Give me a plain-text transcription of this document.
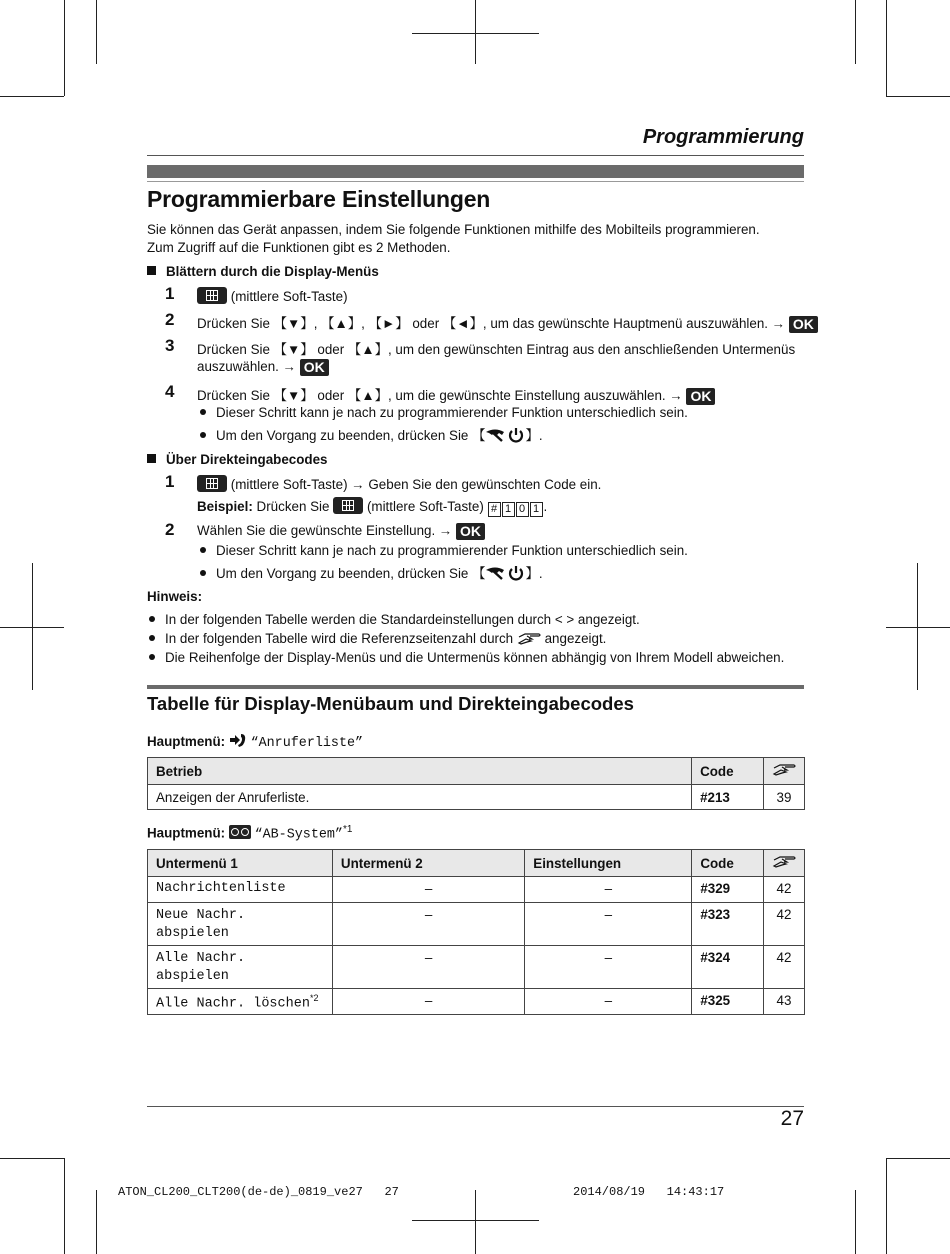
Programmierung
Programmierbare Einstellungen
Sie können das Gerät anpassen, indem Sie folgende Funktionen mithilfe des Mobilteils programmieren.
Zum Zugriff auf die Funktionen gibt es 2 Methoden.
Blättern durch die Display-Menüs
1	(mittlere Soft-Taste)
2 Drücken Sie 【▼】, 【▲】, 【►】 oder 【◄】, um das gewünschte Hauptmenü auszuwählen. → OK
3 Drücken Sie 【▼】 oder 【▲】, um den gewünschten Eintrag aus den anschließenden Untermenüs
auszuwählen. → OK
4 Drücken Sie 【▼】 oder 【▲】, um die gewünschte Einstellung auszuwählen. → OK
Dieser Schritt kann je nach zu programmierender Funktion unterschiedlich sein.
Um den Vorgang zu beenden, drücken Sie 【	】.
Über Direkteingabecodes
1	(mittlere Soft-Taste) → Geben Sie den gewünschten Code ein.
Beispiel: Drücken Sie	(mittlere Soft-Taste) # 1 0 1 .
2 Wählen Sie die gewünschte Einstellung. → OK
Dieser Schritt kann je nach zu programmierender Funktion unterschiedlich sein.
Um den Vorgang zu beenden, drücken Sie 【	】.
Hinweis:
In der folgenden Tabelle werden die Standardeinstellungen durch < > angezeigt.
In der folgenden Tabelle wird die Referenzseitenzahl durch angezeigt.
Die Reihenfolge der Display-Menüs und die Untermenüs können abhängig von Ihrem Modell abweichen.
Tabelle für Display-Menübaum und Direkteingabecodes
Hauptmenü: “Anruferliste”
Betrieb	Code	
Anzeigen der Anruferliste.	#213	39
Hauptmenü: “AB-System”$^{*1}$
Untermenü 1	Untermenü 2	Einstellungen	Code	
Nachrichtenliste	–	–	#329	42

Neue Nachr.
abspielen	–	–	#323	42

Alle Nachr.
abspielen	–	–	#324	42
Alle Nachr. löschen$^{*2}$	–	–	#325	43
27
ATON_CL200_CLT200(de-de)_0819_ve27 27	2014/08/19 14:43:17
